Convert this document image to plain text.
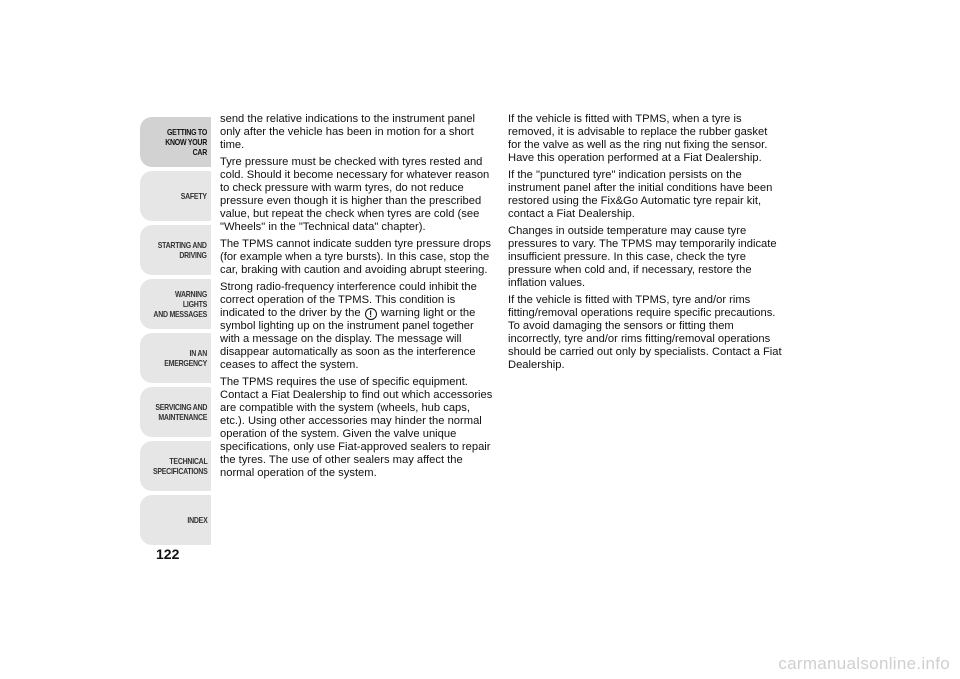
GETTING TO
KNOW YOUR CAR
SAFETY
STARTING AND
DRIVING
WARNING LIGHTS
AND MESSAGES
IN AN EMERGENCY
SERVICING AND
MAINTENANCE
TECHNICAL
SPECIFICATIONS
INDEX
122

send the relative indications to the instrument panel only after the vehicle has been in motion for a short time.

Tyre pressure must be checked with tyres rested and cold. Should it become necessary for whatever reason to check pressure with warm tyres, do not reduce pressure even though it is higher than the prescribed value, but repeat the check when tyres are cold (see "Wheels" in the "Technical data" chapter).

The TPMS cannot indicate sudden tyre pressure drops (for example when a tyre bursts). In this case, stop the car, braking with caution and avoiding abrupt steering.

Strong radio-frequency interference could inhibit the correct operation of the TPMS. This condition is indicated to the driver by the ! warning light or the symbol lighting up on the instrument panel together with a message on the display. The message will disappear automatically as soon as the interference ceases to affect the system.

The TPMS requires the use of specific equipment. Contact a Fiat Dealership to find out which accessories are compatible with the system (wheels, hub caps, etc.). Using other accessories may hinder the normal operation of the system. Given the valve unique specifications, only use Fiat-approved sealers to repair the tyres. The use of other sealers may affect the normal operation of the system.

If the vehicle is fitted with TPMS, when a tyre is removed, it is advisable to replace the rubber gasket for the valve as well as the ring nut fixing the sensor. Have this operation performed at a Fiat Dealership.

If the "punctured tyre" indication persists on the instrument panel after the initial conditions have been restored using the Fix&Go Automatic tyre repair kit, contact a Fiat Dealership.

Changes in outside temperature may cause tyre pressures to vary. The TPMS may temporarily indicate insufficient pressure. In this case, check the tyre pressure when cold and, if necessary, restore the inflation values.

If the vehicle is fitted with TPMS, tyre and/or rims fitting/removal operations require specific precautions. To avoid damaging the sensors or fitting them incorrectly, tyre and/or rims fitting/removal operations should be carried out only by specialists. Contact a Fiat Dealership.

carmanualsonline.info
